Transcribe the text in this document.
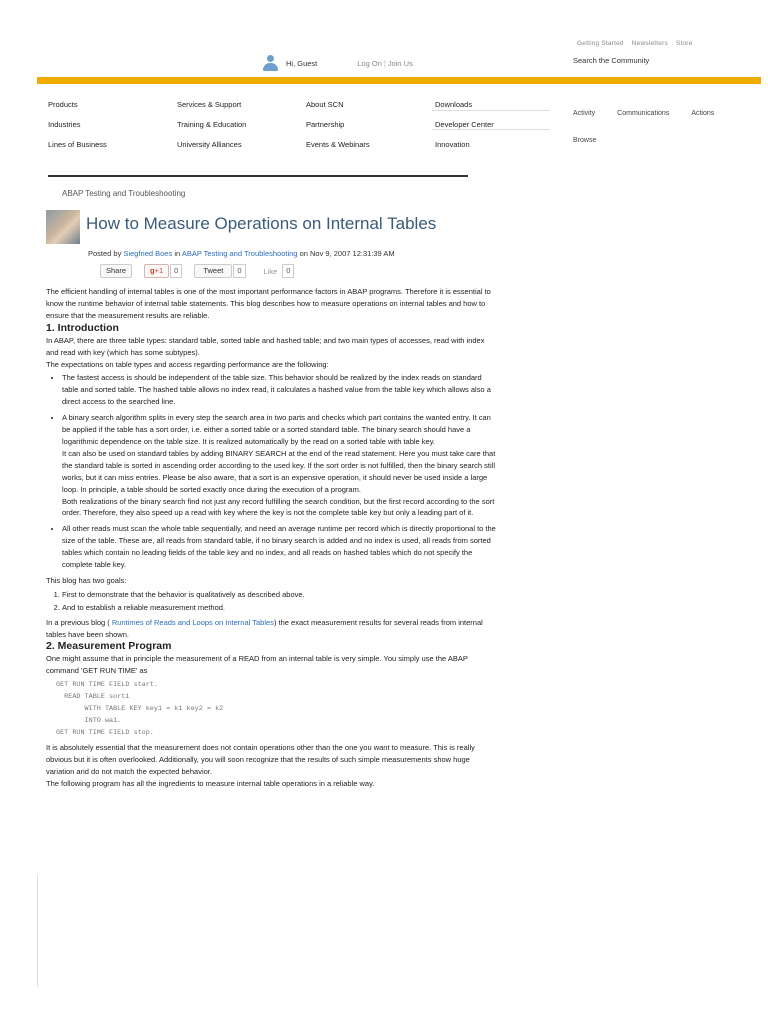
Getting Started Newsletters Store
Search the Community
Hi, Guest	Log On ¦ Join Us
Products	Services & Support	About SCN	Downloads
Industries	Training & Education	Partnership	Developer Center
Lines of Business	University Alliances	Events & Webinars	Innovation
Activity	Communications	Actions
Browse
ABAP Testing and Troubleshooting
How to Measure Operations on Internal Tables
Posted by Siegfried Boes in ABAP Testing and Troubleshooting on Nov 9, 2007 12:31:39 AM
Share	g+1	0	Tweet	0	Like	0

The efficient handling of internal tables is one of the most important performance factors in ABAP programs. Therefore it is essential to know the runtime behavior of internal table statements. This blog describes how to measure operations on internal tables and how to ensure that the measurement results are reliable.

1. Introduction

In ABAP, there are three table types: standard table, sorted table and hashed table; and two main types of accesses, read with index and read with key (which has some subtypes).

The expectations on table types and access regarding performance are the following:

• The fastest access is should be independent of the table size. This behavior should be realized by the index reads on standard table and sorted table. The hashed table allows no index read, it calculates a hashed value from the table key which allows also a direct access to the searched line.
• A binary search algorithm splits in every step the search area in two parts and checks which part contains the wanted entry. It can be applied if the table has a sort order, i.e. either a sorted table or a sorted standard table. The binary search should have a logarithmic dependence on the table size. It is realized automatically by the read on a sorted table with table key.
It can also be used on standard tables by adding BINARY SEARCH at the end of the read statement. Here you must take care that the standard table is sorted in ascending order according to the used key. If the sort order is not fulfilled, then the binary search still works, but it can miss entries. Please be also aware, that a sort is an expensive operation, it should never be used inside a large loop. In principle, a table should be sorted exactly once during the execution of a program.
Both realizations of the binary search find not just any record fulfilling the search condition, but the first record according to the sort order. Therefore, they also speed up a read with key where the key is not the complete table key but only a leading part of it.
• All other reads must scan the whole table sequentially, and need an average runtime per record which is directly proportional to the size of the table. These are, all reads from standard table, if no binary search is added and no index is used, all reads from sorted tables which contain no leading fields of the table key and no index, and all reads on hashed tables which do not specify the complete table key.

This blog has two goals:

1. First to demonstrate that the behavior is qualitatively as described above.
2. And to establish a reliable measurement method.

In a previous blog ( Runtimes of Reads and Loops on Internal Tables) the exact measurement results for several reads from internal tables have been shown.

2. Measurement Program

One might assume that in principle the measurement of a READ from an internal table is very simple. You simply use the ABAP command 'GET RUN TIME' as

GET RUN TIME FIELD start.
READ TABLE sort1
WITH TABLE KEY key1 = k1 key2 = k2
INTO wa1.
GET RUN TIME FIELD stop.

It is absolutely essential that the measurement does not contain operations other than the one you want to measure. This is really obvious but it is often overlooked. Additionally, you will soon recognize that the results of such simple measurements show huge variation and do not match the expected behavior.

The following program has all the ingredients to measure internal table operations in a reliable way.
